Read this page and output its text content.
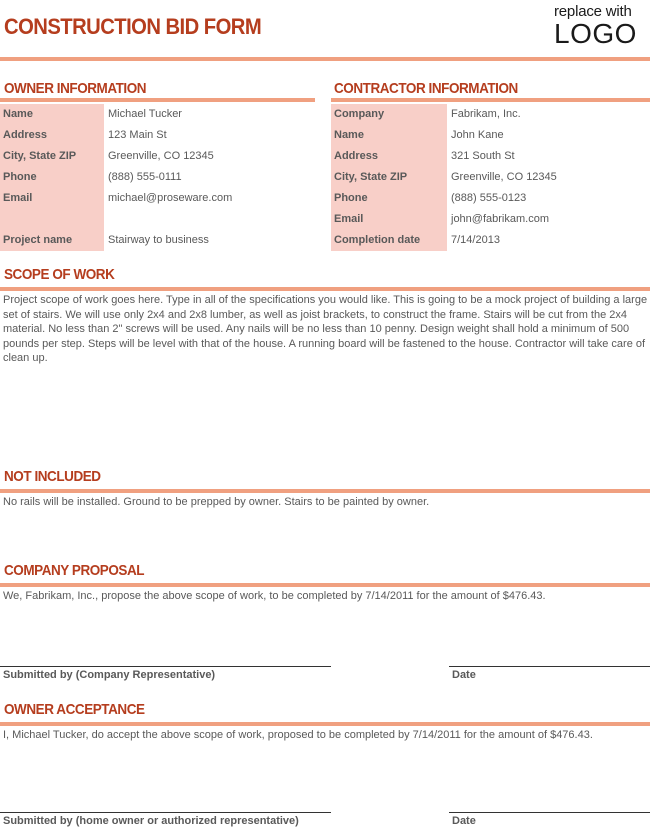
CONSTRUCTION BID FORM
replace with
LOGO
OWNER INFORMATION
Name	Michael Tucker
Address	123 Main St
City, State ZIP	Greenville, CO 12345
Phone	(888) 555-0111
Email	michael@proseware.com
Project name	Stairway to business
CONTRACTOR INFORMATION
Company	Fabrikam, Inc.
Name	John Kane
Address	321 South St
City, State ZIP	Greenville, CO 12345
Phone	(888) 555-0123
Email	john@fabrikam.com
Completion date	7/14/2013
SCOPE OF WORK
Project scope of work goes here. Type in all of the specifications you would like. This is going to be a mock project of building a large set of stairs. We will use only 2x4 and 2x8 lumber, as well as joist brackets, to construct the frame. Stairs will be cut from the 2x4 material. No less than 2" screws will be used. Any nails will be no less than 10 penny. Design weight shall hold a minimum of 500 pounds per step. Steps will be level with that of the house. A running board will be fastened to the house. Contractor will take care of clean up.
NOT INCLUDED
No rails will be installed. Ground to be prepped by owner. Stairs to be painted by owner.
COMPANY PROPOSAL
We, Fabrikam, Inc., propose the above scope of work, to be completed by 7/14/2011 for the amount of $476.43.
Submitted by (Company Representative)	Date
OWNER ACCEPTANCE
I, Michael Tucker, do accept the above scope of work, proposed to be completed by 7/14/2011 for the amount of $476.43.
Submitted by (home owner or authorized representative)	Date
